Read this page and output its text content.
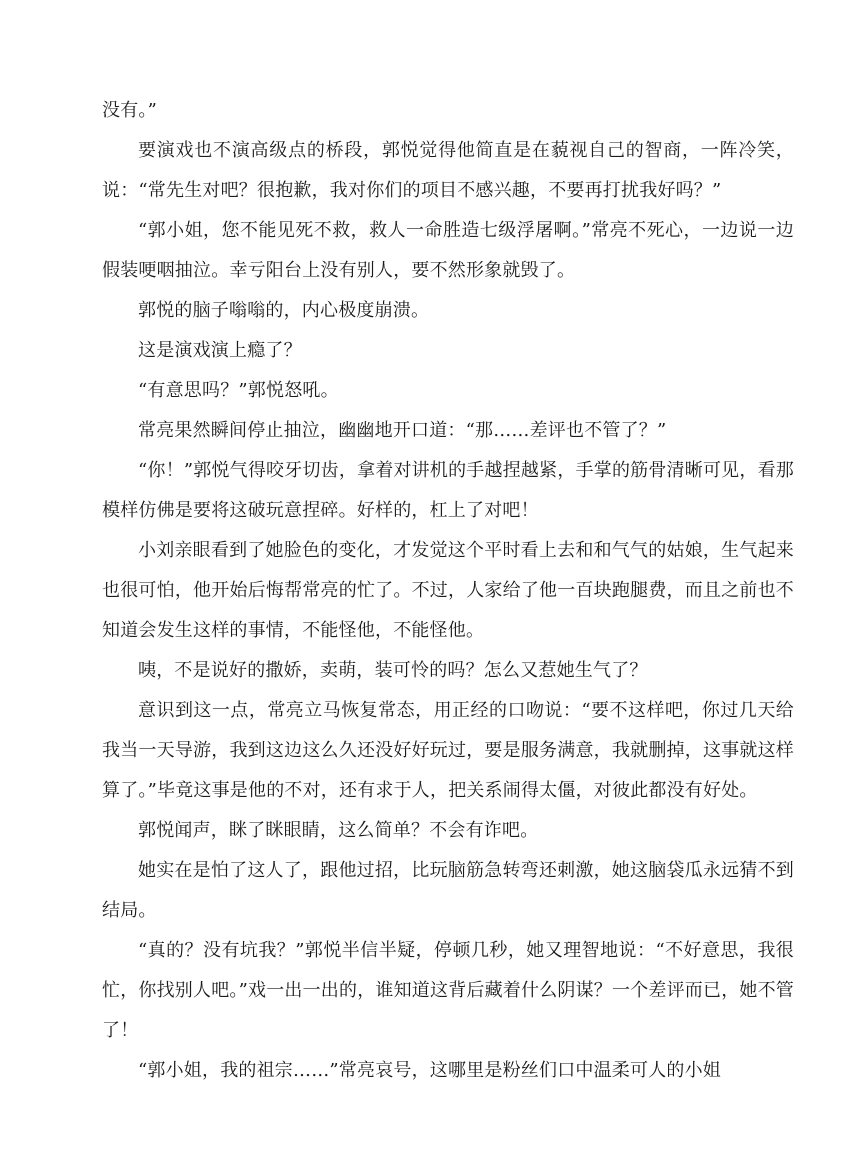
没有。”

要演戏也不演高级点的桥段，郭悦觉得他简直是在藐视自己的智商，一阵冷笑，说：“常先生对吧？很抱歉，我对你们的项目不感兴趣，不要再打扰我好吗？”

“郭小姐，您不能见死不救，救人一命胜造七级浮屠啊。”常亮不死心，一边说一边假装哽咽抽泣。幸亏阳台上没有别人，要不然形象就毁了。

郭悦的脑子嗡嗡的，内心极度崩溃。

这是演戏演上瘾了？

“有意思吗？”郭悦怒吼。

常亮果然瞬间停止抽泣，幽幽地开口道：“那……差评也不管了？”

“你！”郭悦气得咬牙切齿，拿着对讲机的手越捏越紧，手掌的筋骨清晰可见，看那模样仿佛是要将这破玩意捏碎。好样的，杠上了对吧！

小刘亲眼看到了她脸色的变化，才发觉这个平时看上去和和气气的姑娘，生气起来也很可怕，他开始后悔帮常亮的忙了。不过，人家给了他一百块跑腿费，而且之前也不知道会发生这样的事情，不能怪他，不能怪他。

咦，不是说好的撒娇，卖萌，装可怜的吗？怎么又惹她生气了？

意识到这一点，常亮立马恢复常态，用正经的口吻说：“要不这样吧，你过几天给我当一天导游，我到这边这么久还没好好玩过，要是服务满意，我就删掉，这事就这样算了。”毕竟这事是他的不对，还有求于人，把关系闹得太僵，对彼此都没有好处。

郭悦闻声，眯了眯眼睛，这么简单？不会有诈吧。

她实在是怕了这人了，跟他过招，比玩脑筋急转弯还刺激，她这脑袋瓜永远猜不到结局。

“真的？没有坑我？”郭悦半信半疑，停顿几秒，她又理智地说：“不好意思，我很忙，你找别人吧。”戏一出一出的，谁知道这背后藏着什么阴谋？一个差评而已，她不管了！

“郭小姐，我的祖宗……”常亮哀号，这哪里是粉丝们口中温柔可人的小姐
